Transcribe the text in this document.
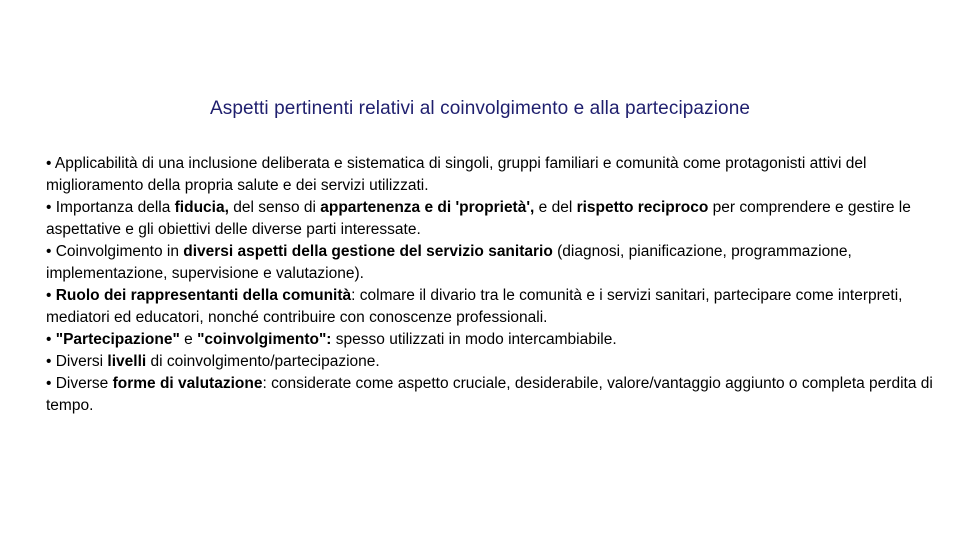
Aspetti pertinenti relativi al coinvolgimento e alla partecipazione

• Applicabilità di una inclusione deliberata e sistematica di singoli, gruppi familiari e comunità come protagonisti attivi del miglioramento della propria salute e dei servizi utilizzati.

• Importanza della fiducia, del senso di appartenenza e di 'proprietà', e del rispetto reciproco per comprendere e gestire le aspettative e gli obiettivi delle diverse parti interessate.

• Coinvolgimento in diversi aspetti della gestione del servizio sanitario (diagnosi, pianificazione, programmazione, implementazione, supervisione e valutazione).

• Ruolo dei rappresentanti della comunità: colmare il divario tra le comunità e i servizi sanitari, partecipare come interpreti, mediatori ed educatori, nonché contribuire con conoscenze professionali.

• "Partecipazione" e "coinvolgimento": spesso utilizzati in modo intercambiabile.

• Diversi livelli di coinvolgimento/partecipazione.

• Diverse forme di valutazione: considerate come aspetto cruciale, desiderabile, valore/vantaggio aggiunto o completa perdita di tempo.
